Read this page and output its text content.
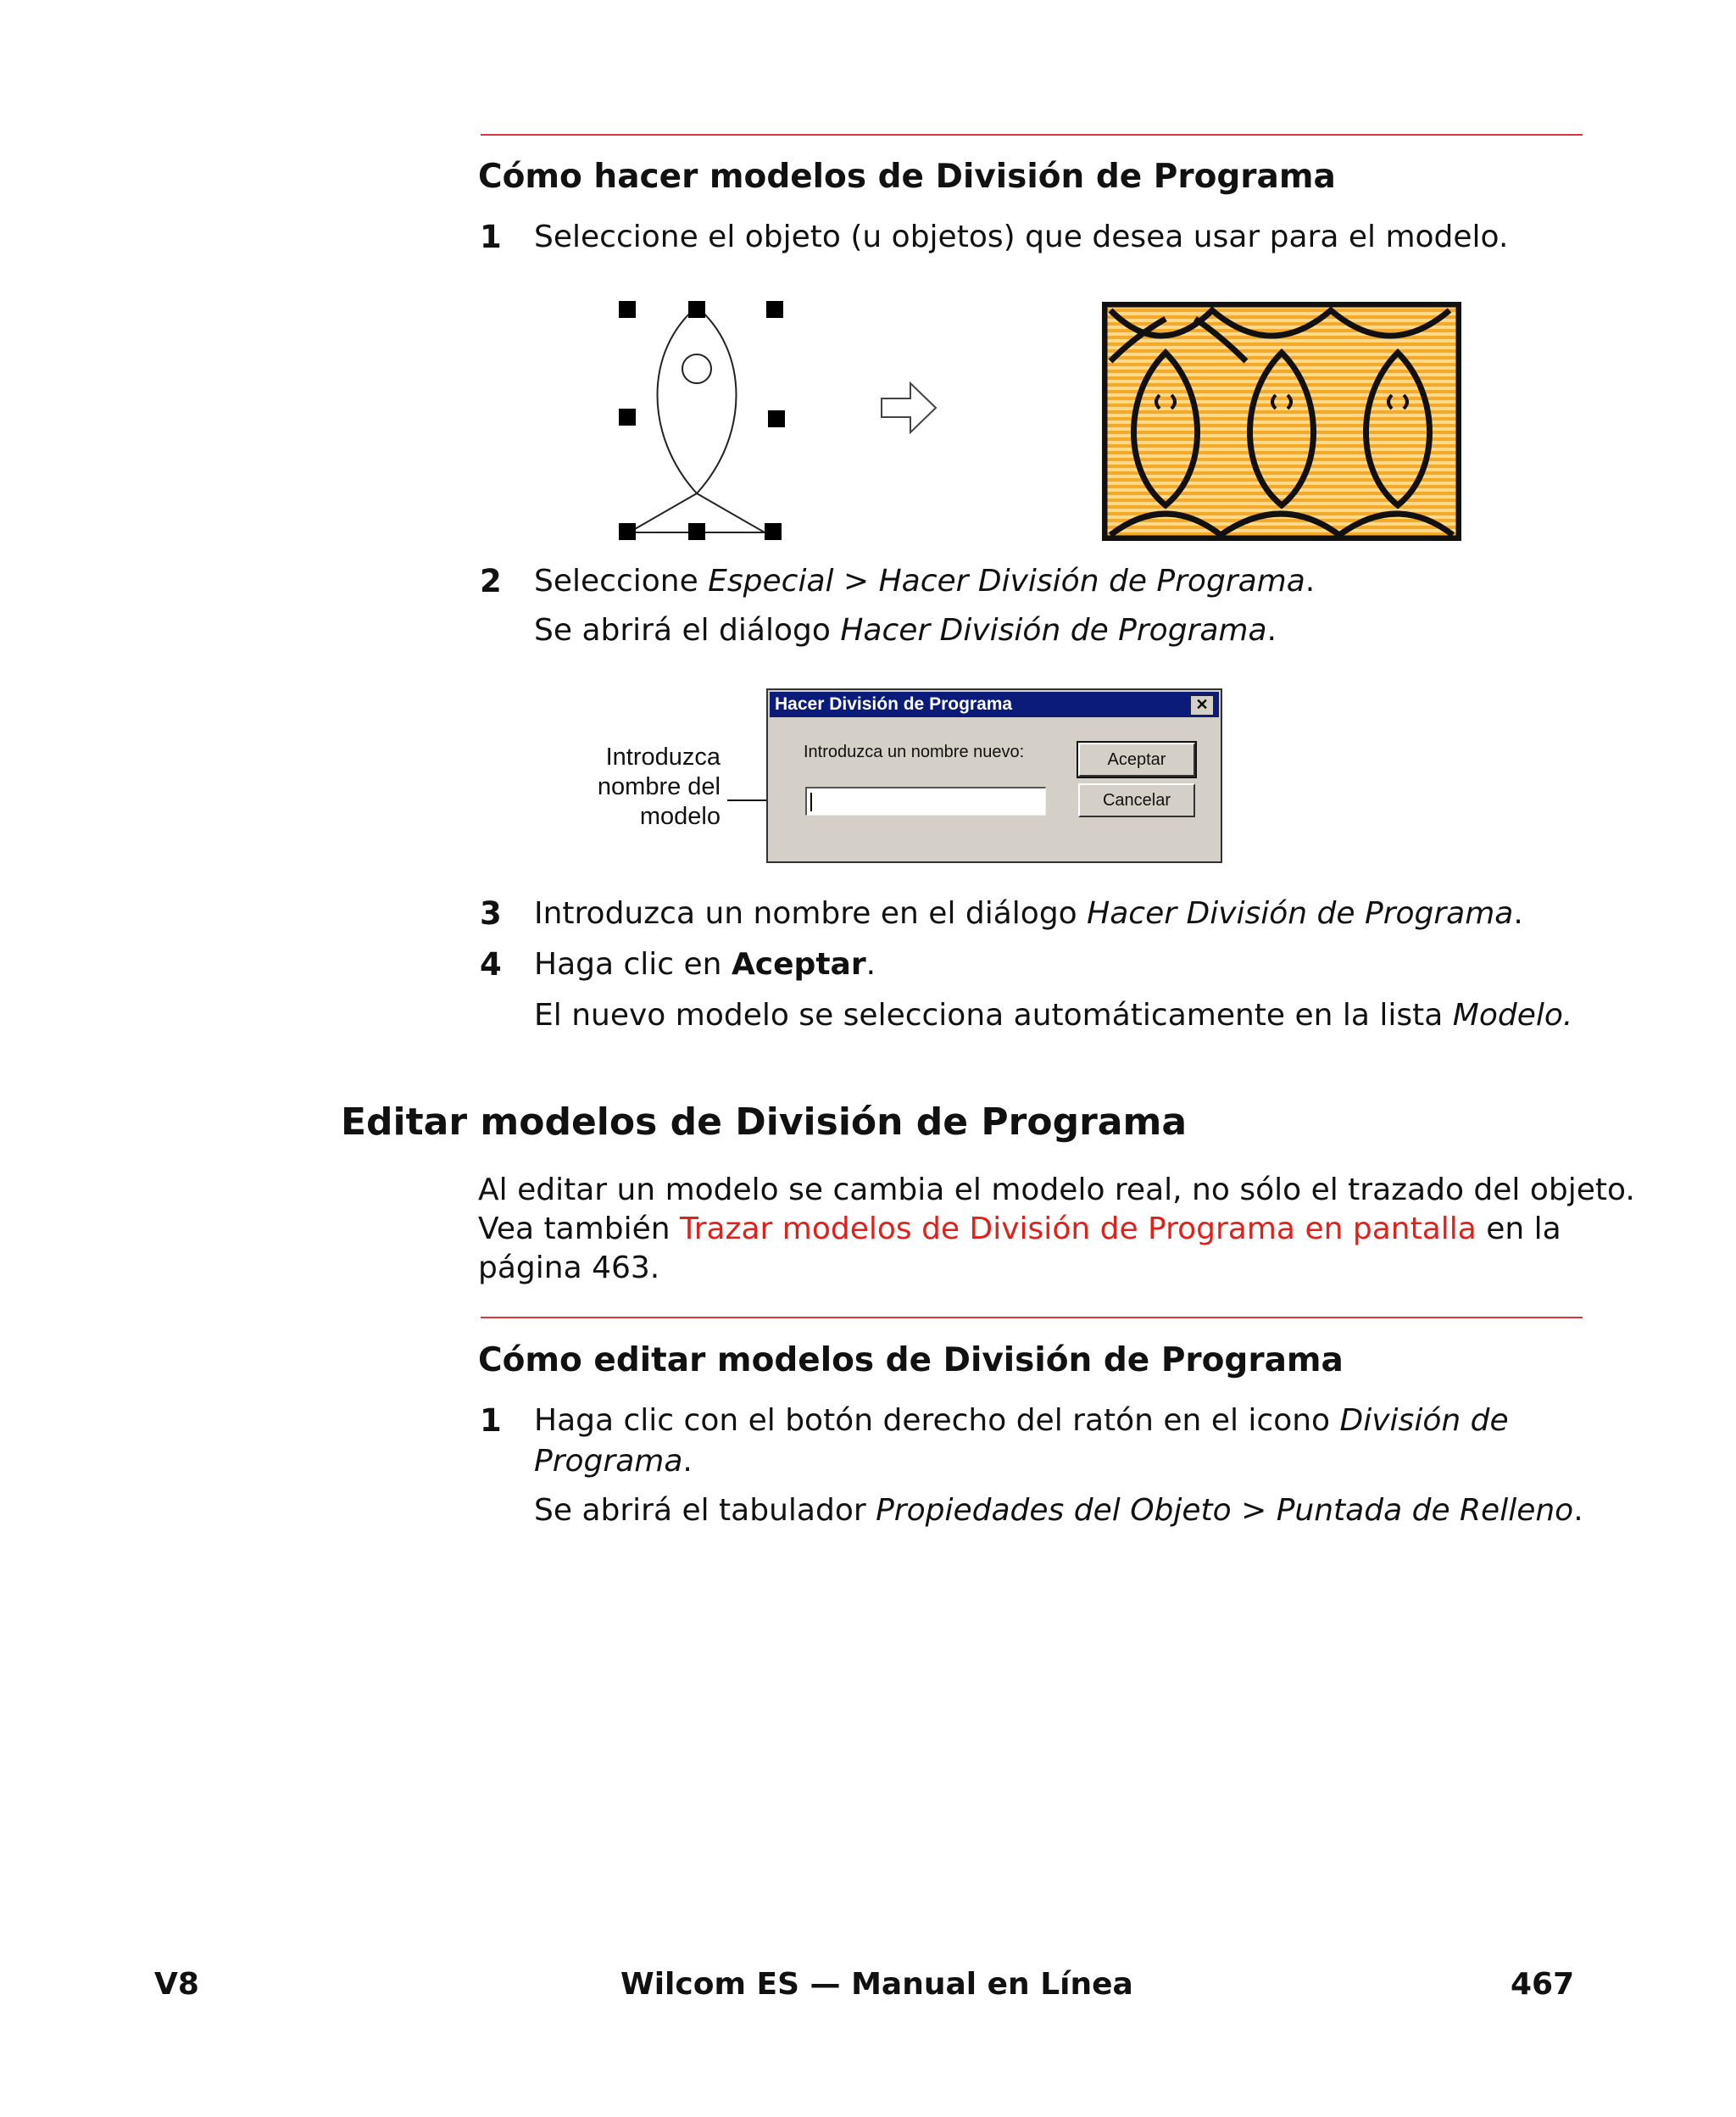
Cómo hacer modelos de División de Programa
1 Seleccione el objeto (u objetos) que desea usar para el modelo.
2 Seleccione Especial > Hacer División de Programa.
Se abrirá el diálogo Hacer División de Programa.
Introduzca
nombre del
modelo
Hacer División de Programa	✕
Introduzca un nombre nuevo:	Aceptar
Cancelar
3 Introduzca un nombre en el diálogo Hacer División de Programa.
4 Haga clic en Aceptar.
El nuevo modelo se selecciona automáticamente en la lista Modelo.
Editar modelos de División de Programa
Al editar un modelo se cambia el modelo real, no sólo el trazado del objeto.
Vea también Trazar modelos de División de Programa en pantalla en la
página 463.
Cómo editar modelos de División de Programa
1 Haga clic con el botón derecho del ratón en el icono División de
Programa.
Se abrirá el tabulador Propiedades del Objeto > Puntada de Relleno.
V8	Wilcom ES — Manual en Línea	467
